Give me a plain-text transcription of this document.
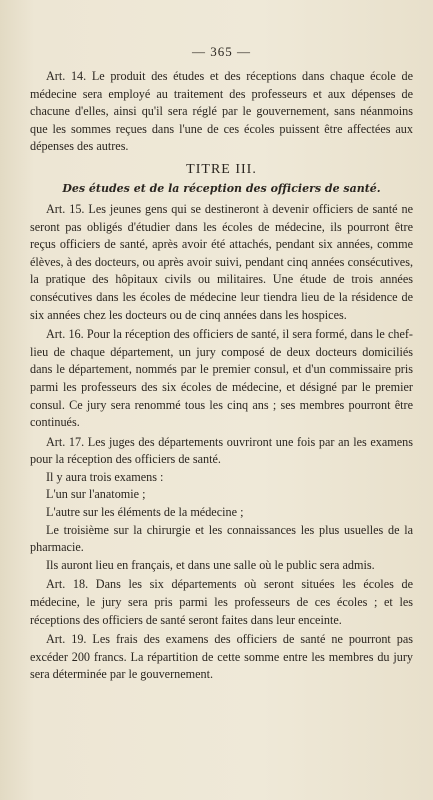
— 365 —

Art. 14. Le produit des études et des réceptions dans chaque école de médecine sera employé au traitement des professeurs et aux dépenses de chacune d'elles, ainsi qu'il sera réglé par le gouvernement, sans néanmoins que les sommes reçues dans l'une de ces écoles puissent être affectées aux dépenses des autres.

TITRE III.
Des études et de la réception des officiers de santé.

Art. 15. Les jeunes gens qui se destineront à devenir officiers de santé ne seront pas obligés d'étudier dans les écoles de médecine, ils pourront être reçus officiers de santé, après avoir été attachés, pendant six années, comme élèves, à des docteurs, ou après avoir suivi, pendant cinq années consécutives, la pratique des hôpitaux civils ou militaires. Une étude de trois années consécutives dans les écoles de médecine leur tiendra lieu de la résidence de six années chez les docteurs ou de cinq années dans les hospices.

Art. 16. Pour la réception des officiers de santé, il sera formé, dans le chef-lieu de chaque département, un jury composé de deux docteurs domiciliés dans le département, nommés par le premier consul, et d'un commissaire pris parmi les professeurs des six écoles de médecine, et désigné par le premier consul. Ce jury sera renommé tous les cinq ans ; ses membres pourront être continués.

Art. 17. Les juges des départements ouvriront une fois par an les examens pour la réception des officiers de santé.

Il y aura trois examens :

L'un sur l'anatomie ;

L'autre sur les éléments de la médecine ;

Le troisième sur la chirurgie et les connaissances les plus usuelles de la pharmacie.

Ils auront lieu en français, et dans une salle où le public sera admis.

Art. 18. Dans les six départements où seront situées les écoles de médecine, le jury sera pris parmi les professeurs de ces écoles ; et les réceptions des officiers de santé seront faites dans leur enceinte.

Art. 19. Les frais des examens des officiers de santé ne pourront pas excéder 200 francs. La répartition de cette somme entre les membres du jury sera déterminée par le gouvernement.
